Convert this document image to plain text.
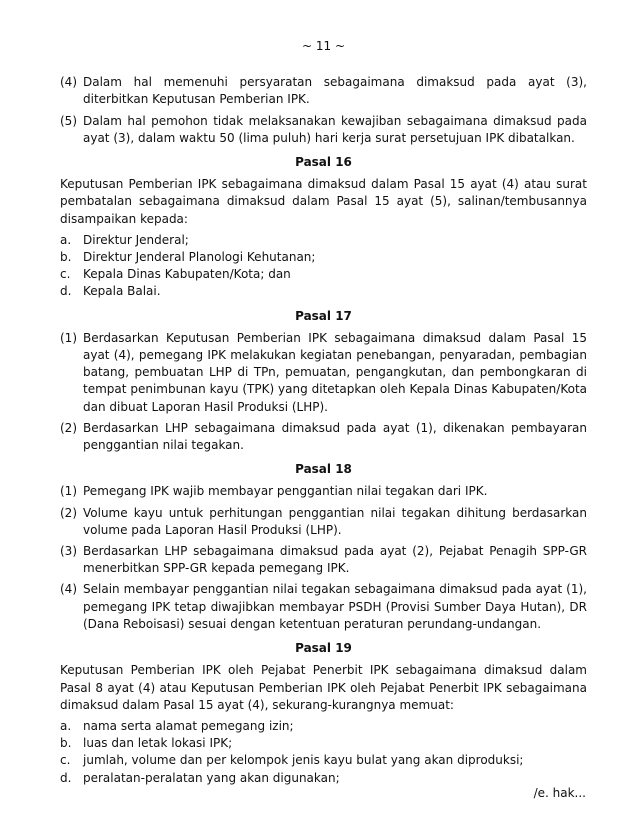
~ 11 ~
(4) Dalam hal memenuhi persyaratan sebagaimana dimaksud pada ayat (3), diterbitkan Keputusan Pemberian IPK.
(5) Dalam hal pemohon tidak melaksanakan kewajiban sebagaimana dimaksud pada ayat (3), dalam waktu 50 (lima puluh) hari kerja surat persetujuan IPK dibatalkan.
Pasal 16
Keputusan Pemberian IPK sebagaimana dimaksud dalam Pasal 15 ayat (4) atau surat pembatalan sebagaimana dimaksud dalam Pasal 15 ayat (5), salinan/tembusannya disampaikan kepada:
a. Direktur Jenderal;
b. Direktur Jenderal Planologi Kehutanan;
c.	Kepala Dinas Kabupaten/Kota; dan
d. Kepala Balai.
Pasal 17
(1) Berdasarkan Keputusan Pemberian IPK sebagaimana dimaksud dalam Pasal 15 ayat (4), pemegang IPK melakukan kegiatan penebangan, penyaradan, pembagian batang, pembuatan LHP di TPn, pemuatan, pengangkutan, dan pembongkaran di tempat penimbunan kayu (TPK) yang ditetapkan oleh Kepala Dinas Kabupaten/Kota dan dibuat Laporan Hasil Produksi (LHP).
(2) Berdasarkan LHP sebagaimana dimaksud pada ayat (1), dikenakan pembayaran penggantian nilai tegakan.
Pasal 18
(1) Pemegang IPK wajib membayar penggantian nilai tegakan dari IPK.
(2) Volume kayu untuk perhitungan penggantian nilai tegakan dihitung berdasarkan volume pada Laporan Hasil Produksi (LHP).
(3) Berdasarkan LHP sebagaimana dimaksud pada ayat (2), Pejabat Penagih SPP-GR menerbitkan SPP-GR kepada pemegang IPK.
(4) Selain membayar penggantian nilai tegakan sebagaimana dimaksud pada ayat (1), pemegang IPK tetap diwajibkan membayar PSDH (Provisi Sumber Daya Hutan), DR (Dana Reboisasi) sesuai dengan ketentuan peraturan perundang-undangan.
Pasal 19
Keputusan Pemberian IPK oleh Pejabat Penerbit IPK sebagaimana dimaksud dalam Pasal 8 ayat (4) atau Keputusan Pemberian IPK oleh Pejabat Penerbit IPK sebagaimana dimaksud dalam Pasal 15 ayat (4), sekurang-kurangnya memuat:
a. nama serta alamat pemegang izin;
b. luas dan letak lokasi IPK;
c.	jumlah, volume dan per kelompok jenis kayu bulat yang akan diproduksi;
d. peralatan-peralatan yang akan digunakan;
/e. hak...
